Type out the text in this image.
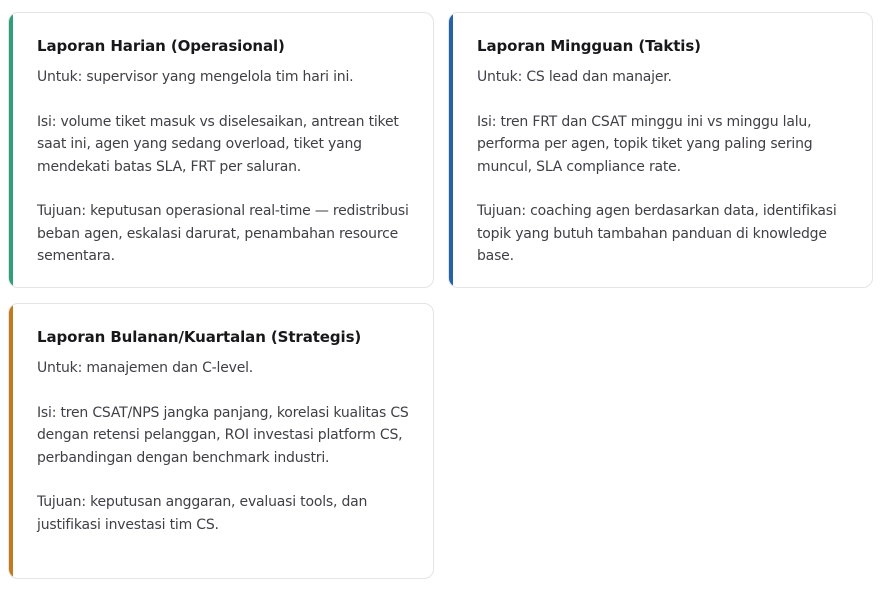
Laporan Harian (Operasional)

Untuk: supervisor yang mengelola tim hari ini.

Isi: volume tiket masuk vs diselesaikan, antrean tiket saat ini, agen yang sedang overload, tiket yang mendekati batas SLA, FRT per saluran.

Tujuan: keputusan operasional real-time — redistribusi beban agen, eskalasi darurat, penambahan resource sementara.

Laporan Mingguan (Taktis)

Untuk: CS lead dan manajer.

Isi: tren FRT dan CSAT minggu ini vs minggu lalu, performa per agen, topik tiket yang paling sering muncul, SLA compliance rate.

Tujuan: coaching agen berdasarkan data, identifikasi topik yang butuh tambahan panduan di knowledge base.

Laporan Bulanan/Kuartalan (Strategis)

Untuk: manajemen dan C-level.

Isi: tren CSAT/NPS jangka panjang, korelasi kualitas CS dengan retensi pelanggan, ROI investasi platform CS, perbandingan dengan benchmark industri.

Tujuan: keputusan anggaran, evaluasi tools, dan justifikasi investasi tim CS.
